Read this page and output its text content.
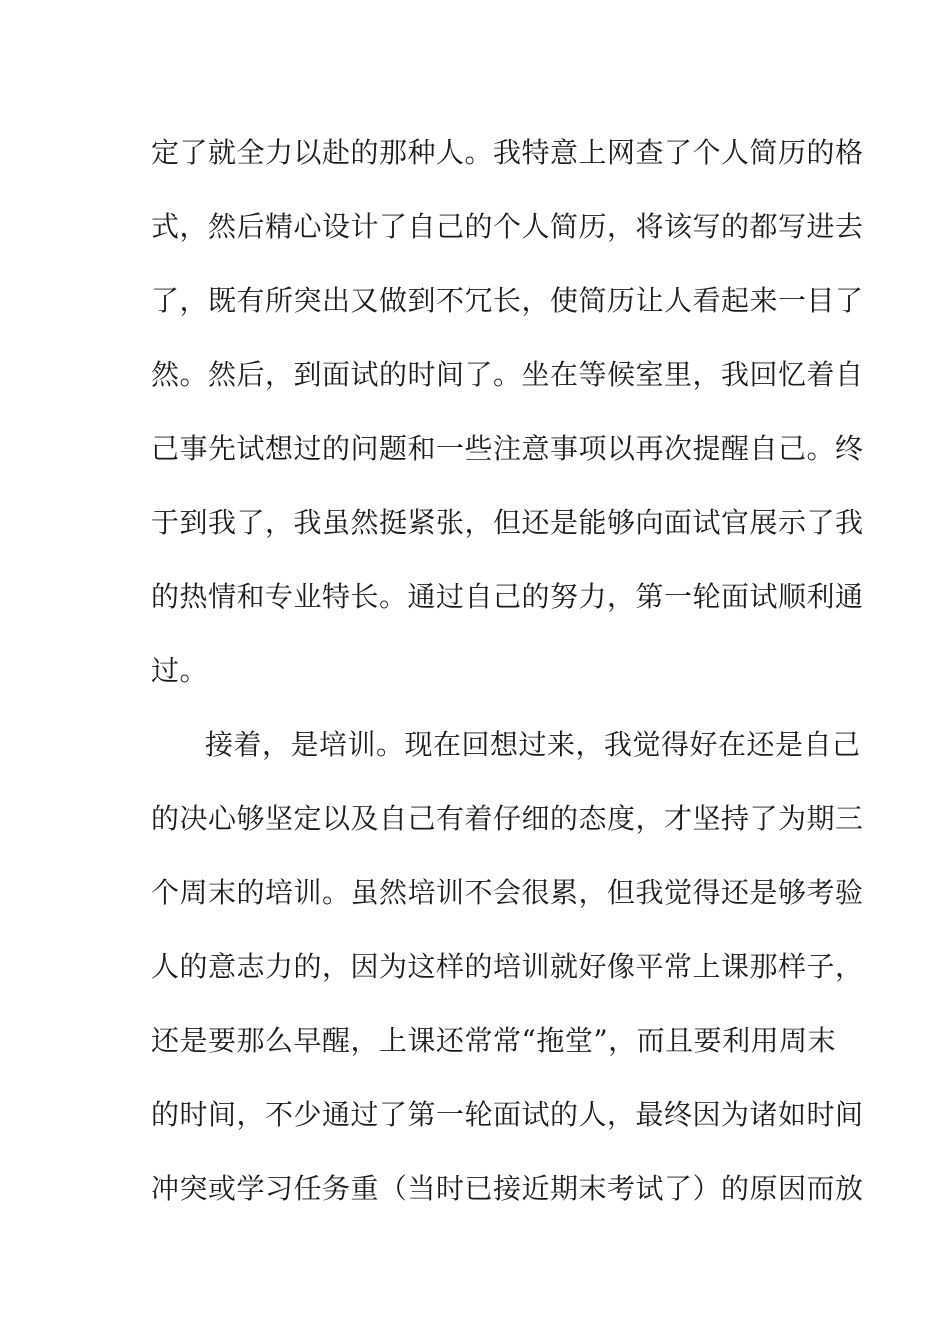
定了就全力以赴的那种人。我特意上网查了个人简历的格
式，然后精心设计了自己的个人简历，将该写的都写进去
了，既有所突出又做到不冗长，使简历让人看起来一目了
然。然后，到面试的时间了。坐在等候室里，我回忆着自
己事先试想过的问题和一些注意事项以再次提醒自己。终
于到我了，我虽然挺紧张，但还是能够向面试官展示了我
的热情和专业特长。通过自己的努力，第一轮面试顺利通
过。
接着，是培训。现在回想过来，我觉得好在还是自己
的决心够坚定以及自己有着仔细的态度，才坚持了为期三
个周末的培训。虽然培训不会很累，但我觉得还是够考验
人的意志力的，因为这样的培训就好像平常上课那样子，
还是要那么早醒，上课还常常“拖堂”，而且要利用周末
的时间，不少通过了第一轮面试的人，最终因为诸如时间
冲突或学习任务重（当时已接近期末考试了）的原因而放
